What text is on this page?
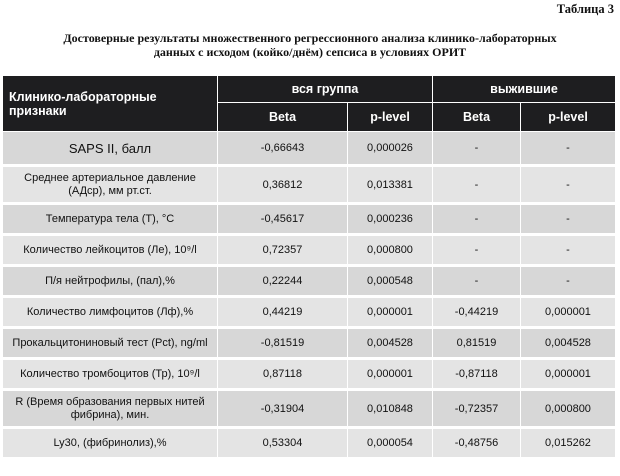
Таблица 3
Достоверные результаты множественного регрессионного анализа клинико-лабораторных
данных с исходом (койко/днём) сепсиса в условиях ОРИТ
Клинико-лабораторные признаки	вся группа		выжившие	
	Beta	p-level	Beta	p-level
SAPS II, балл	-0,66643	0,000026	-	-
Среднее артериальное давление (АДср), мм рт.ст.	0,36812	0,013381	-	-
Температура тела (Т), °С	-0,45617	0,000236	-	-
Количество лейкоцитов (Ле), 10⁹/l	0,72357	0,000800	-	-
П/я нейтрофилы, (пал),%	0,22244	0,000548	-	-
Количество лимфоцитов (Лф),%	0,44219	0,000001	-0,44219	0,000001
Прокальцитониновый тест (Pct), ng/ml	-0,81519	0,004528	0,81519	0,004528
Количество тромбоцитов (Тр), 10⁹/l	0,87118	0,000001	-0,87118	0,000001
R (Время образования первых нитей фибрина), мин.	-0,31904	0,010848	-0,72357	0,000800
Ly30, (фибринолиз),%	0,53304	0,000054	-0,48756	0,015262
